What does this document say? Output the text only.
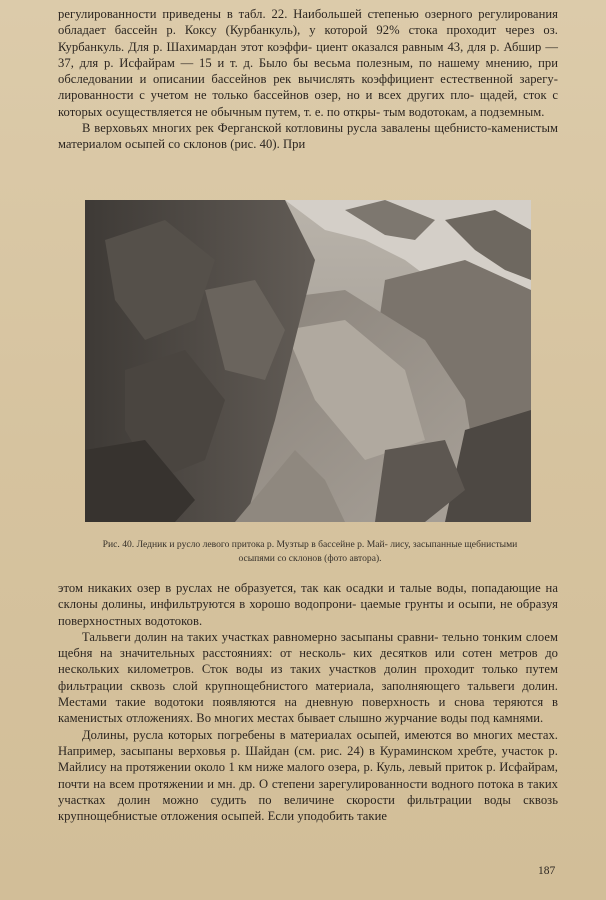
регулированности приведены в табл. 22. Наибольшей степенью озерного регулирования обладает бассейн р. Коксу (Курбанкуль), у которой 92% стока проходит через оз. Курбанкуль. Для р. Шахимардан этот коэффи- циент оказался равным 43, для р. Абшир — 37, для р. Исфайрам — 15 и т. д. Было бы весьма полезным, по нашему мнению, при обследовании и описании бассейнов рек вычислять коэффициент естественной зарегу- лированности с учетом не только бассейнов озер, но и всех других пло- щадей, сток с которых осуществляется не обычным путем, т. е. по откры- тым водотокам, а подземным.

В верховьях многих рек Ферганской котловины русла завалены щебнисто-каменистым материалом осыпей со склонов (рис. 40). При

Рис. 40. Ледник и русло левого притока р. Музтыр в бассейне р. Май- лису, засыпанные щебнистыми осыпями со склонов (фото автора).

этом никаких озер в руслах не образуется, так как осадки и талые воды, попадающие на склоны долины, инфильтруются в хорошо водопрони- цаемые грунты и осыпи, не образуя поверхностных водотоков.

Тальвеги долин на таких участках равномерно засыпаны сравни- тельно тонким слоем щебня на значительных расстояниях: от несколь- ких десятков или сотен метров до нескольких километров. Сток воды из таких участков долин проходит только путем фильтрации сквозь слой крупнощебнистого материала, заполняющего тальвеги долин. Местами такие водотоки появляются на дневную поверхность и снова теряются в каменистых отложениях. Во многих местах бывает слышно журчание воды под камнями.

Долины, русла которых погребены в материалах осыпей, имеются во многих местах. Например, засыпаны верховья р. Шайдан (см. рис. 24) в Кураминском хребте, участок р. Майлису на протяжении около 1 км ниже малого озера, р. Куль, левый приток р. Исфайрам, почти на всем протяжении и мн. др. О степени зарегулированности водного потока в таких участках долин можно судить по величине скорости фильтрации воды сквозь крупнощебнистые отложения осыпей. Если уподобить такие

187
